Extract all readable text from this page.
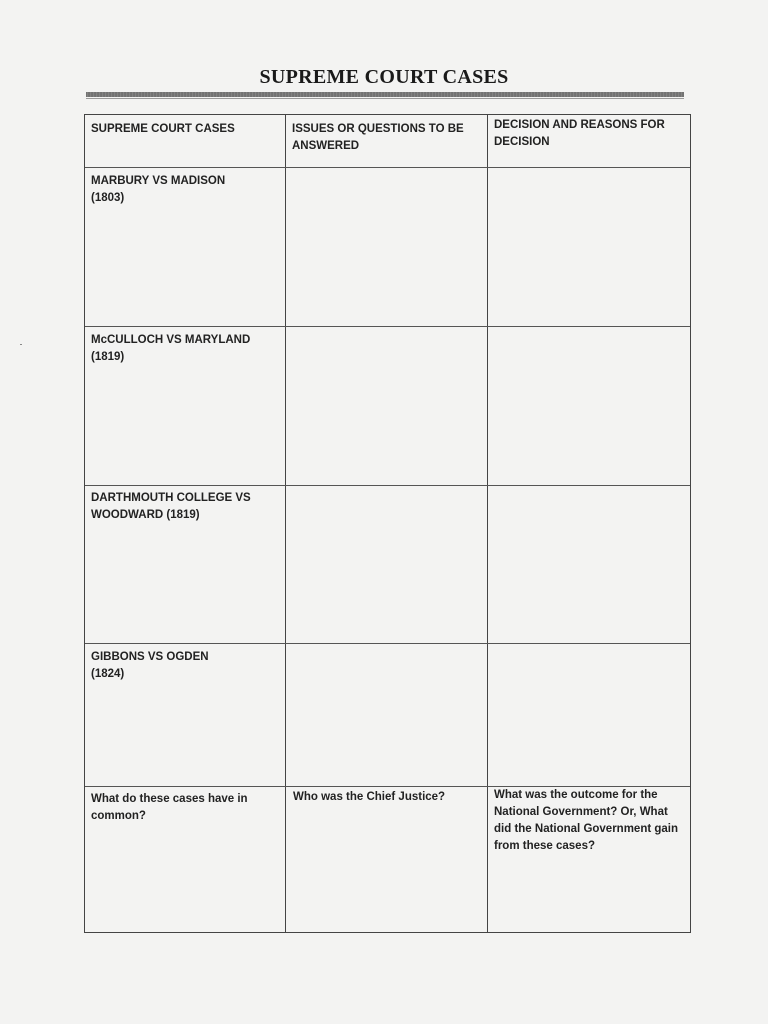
SUPREME COURT CASES
SUPREME COURT CASES	ISSUES OR QUESTIONS TO BE ANSWERED
DECISION AND REASONS FOR DECISION
MARBURY VS MADISON
(1803)
McCULLOCH VS MARYLAND
(1819)
DARTHMOUTH COLLEGE VS
WOODWARD (1819)
GIBBONS VS OGDEN
(1824)
What do these cases have in common?
Who was the Chief Justice?	What was the outcome for the National Government? Or, What did the National Government gain from these cases?
